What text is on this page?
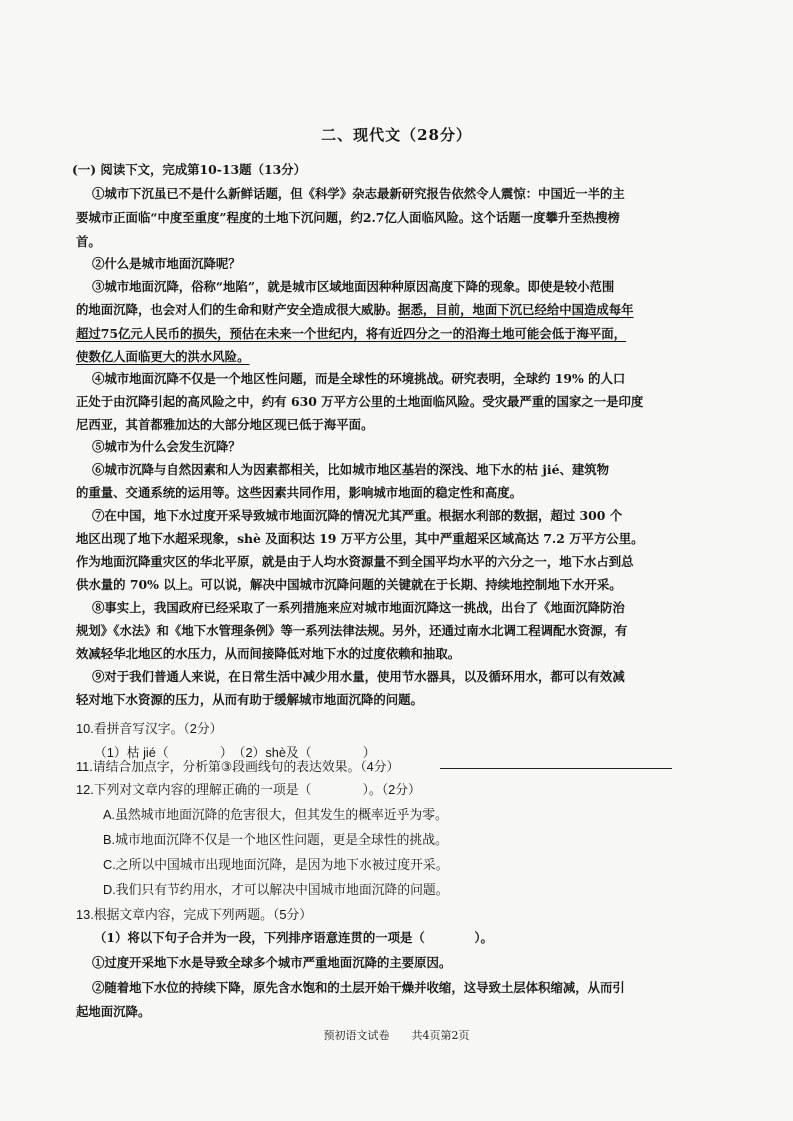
二、现代文（28分）
(一) 阅读下文，完成第10-13题（13分）
①城市下沉虽已不是什么新鲜话题，但《科学》杂志最新研究报告依然令人震惊：中国近一半的主
要城市正面临“中度至重度”程度的土地下沉问题，约2.7亿人面临风险。这个话题一度攀升至热搜榜
首。
②什么是城市地面沉降呢？
③城市地面沉降，俗称“地陷”，就是城市区域地面因种种原因高度下降的现象。即使是较小范围
的地面沉降，也会对人们的生命和财产安全造成很大威胁。据悉，目前，地面下沉已经给中国造成每年
超过75亿元人民币的损失，预估在未来一个世纪内，将有近四分之一的沿海土地可能会低于海平面，
使数亿人面临更大的洪水风险。
④城市地面沉降不仅是一个地区性问题，而是全球性的环境挑战。研究表明，全球约 19% 的人口
正处于由沉降引起的高风险之中，约有 630 万平方公里的土地面临风险。受灾最严重的国家之一是印度
尼西亚，其首都雅加达的大部分地区现已低于海平面。
⑤城市为什么会发生沉降？
⑥城市沉降与自然因素和人为因素都相关，比如城市地区基岩的深浅、地下水的枯 jié、建筑物
的重量、交通系统的运用等。这些因素共同作用，影响城市地面的稳定性和高度。
⑦在中国，地下水过度开采导致城市地面沉降的情况尤其严重。根据水利部的数据，超过 300 个
地区出现了地下水超采现象，shè 及面积达 19 万平方公里，其中严重超采区域高达 7.2 万平方公里。
作为地面沉降重灾区的华北平原，就是由于人均水资源量不到全国平均水平的六分之一，地下水占到总
供水量的 70% 以上。可以说，解决中国城市沉降问题的关键就在于长期、持续地控制地下水开采。
⑧事实上，我国政府已经采取了一系列措施来应对城市地面沉降这一挑战，出台了《地面沉降防治
规划》《水法》和《地下水管理条例》等一系列法律法规。另外，还通过南水北调工程调配水资源，有
效减轻华北地区的水压力，从而间接降低对地下水的过度依赖和抽取。
⑨对于我们普通人来说，在日常生活中减少用水量，使用节水器具，以及循环用水，都可以有效减
轻对地下水资源的压力，从而有助于缓解城市地面沉降的问题。
10.看拼音写汉字。（2分）
（1）枯 jié（　　　　）　（2）shè及（　　　　）
11.请结合加点字，分析第③段画线句的表达效果。（4分）
12.下列对文章内容的理解正确的一项是（　　　　）。（2分）
A.虽然城市地面沉降的危害很大，但其发生的概率近乎为零。
B.城市地面沉降不仅是一个地区性问题，更是全球性的挑战。
C.之所以中国城市出现地面沉降，是因为地下水被过度开采。
D.我们只有节约用水，才可以解决中国城市地面沉降的问题。
13.根据文章内容，完成下列两题。（5分）
（1）将以下句子合并为一段，下列排序语意连贯的一项是（　　　　）。
①过度开采地下水是导致全球多个城市严重地面沉降的主要原因。
②随着地下水位的持续下降，原先含水饱和的土层开始干燥并收缩，这导致土层体积缩减，从而引
起地面沉降。
预初语文试卷　　共4页第2页
